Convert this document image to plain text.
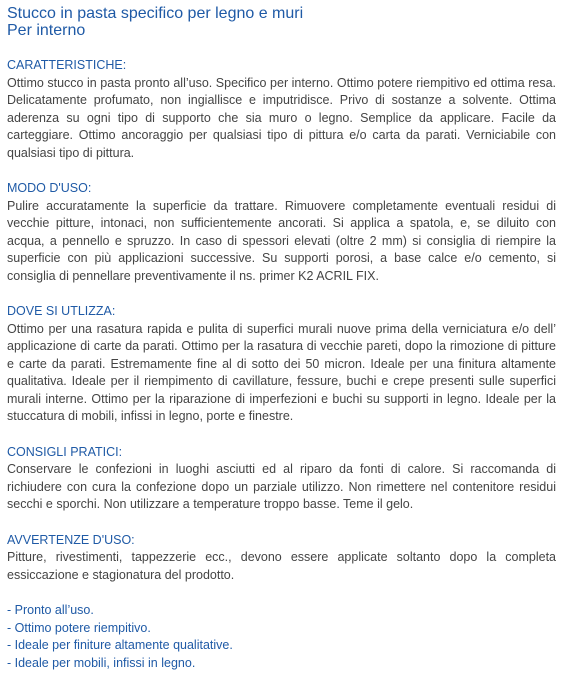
Stucco in pasta specifico per legno e muri
Per interno
CARATTERISTICHE:
Ottimo stucco in pasta pronto all’uso. Specifico per interno. Ottimo potere riempitivo ed ottima resa. Delicatamente profumato, non ingiallisce e imputridisce. Privo di sostanze a solvente. Ottima aderenza su ogni tipo di supporto che sia muro o legno. Semplice da applicare. Facile da carteggiare. Ottimo ancoraggio per qualsiasi tipo di pittura e/o carta da parati. Verniciabile con qualsiasi tipo di pittura.
MODO D'USO:
Pulire accuratamente la superficie da trattare. Rimuovere completamente eventuali residui di vecchie pitture, intonaci, non sufficientemente ancorati. Si applica a spatola, e, se diluito con acqua, a pennello e spruzzo. In caso di spessori elevati (oltre 2 mm) si consiglia di riempire la superficie con più applicazioni successive. Su supporti porosi, a base calce e/o cemento, si consiglia di pennellare preventivamente il ns. primer K2 ACRIL FIX.
DOVE SI UTLIZZA:
Ottimo per una rasatura rapida e pulita di superfici murali nuove prima della verniciatura e/o dell’ applicazione di carte da parati. Ottimo per la rasatura di vecchie pareti, dopo la rimozione di pitture e carte da parati. Estremamente fine al di sotto dei 50 micron. Ideale per una finitura altamente qualitativa. Ideale per il riempimento di cavillature, fessure, buchi e crepe presenti sulle superfici murali interne. Ottimo per la riparazione di imperfezioni e buchi su supporti in legno. Ideale per la stuccatura di mobili, infissi in legno, porte e finestre.
CONSIGLI PRATICI:
Conservare le confezioni in luoghi asciutti ed al riparo da fonti di calore. Si raccomanda di richiudere con cura la confezione dopo un parziale utilizzo. Non rimettere nel contenitore residui secchi e sporchi. Non utilizzare a temperature troppo basse. Teme il gelo.
AVVERTENZE D'USO:
Pitture, rivestimenti, tappezzerie ecc., devono essere applicate soltanto dopo la completa essiccazione e stagionatura del prodotto.
- Pronto all’uso.
- Ottimo potere riempitivo.
- Ideale per finiture altamente qualitative.
- Ideale per mobili, infissi in legno.
